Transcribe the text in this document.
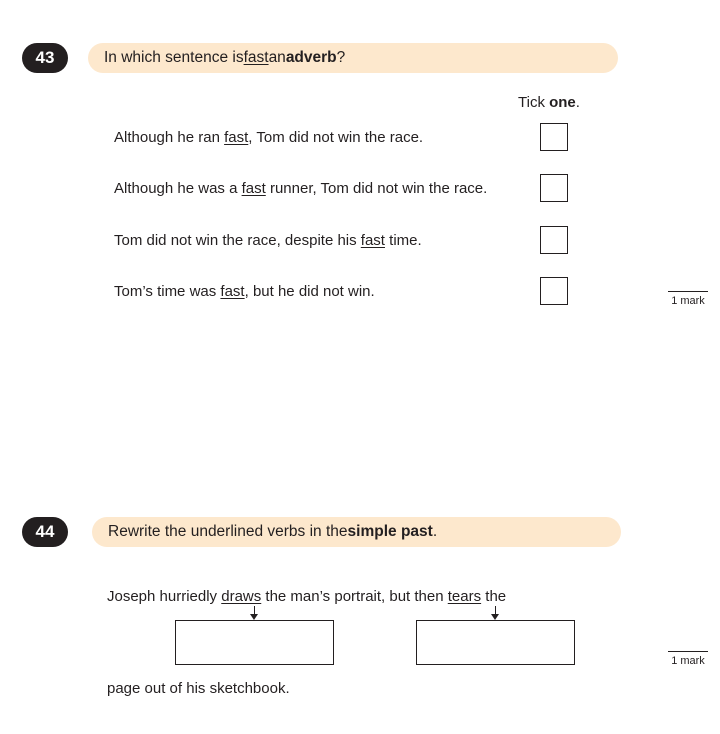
43	In which sentence is fast an adverb ?
Tick one.
Although he ran fast, Tom did not win the race.
Although he was a fast runner, Tom did not win the race.
Tom did not win the race, despite his fast time.
Tom’s time was fast, but he did not win.
1 mark
44	Rewrite the underlined verbs in the simple past .
Joseph hurriedly draws the man’s portrait, but then tears the
1 mark
page out of his sketchbook.
